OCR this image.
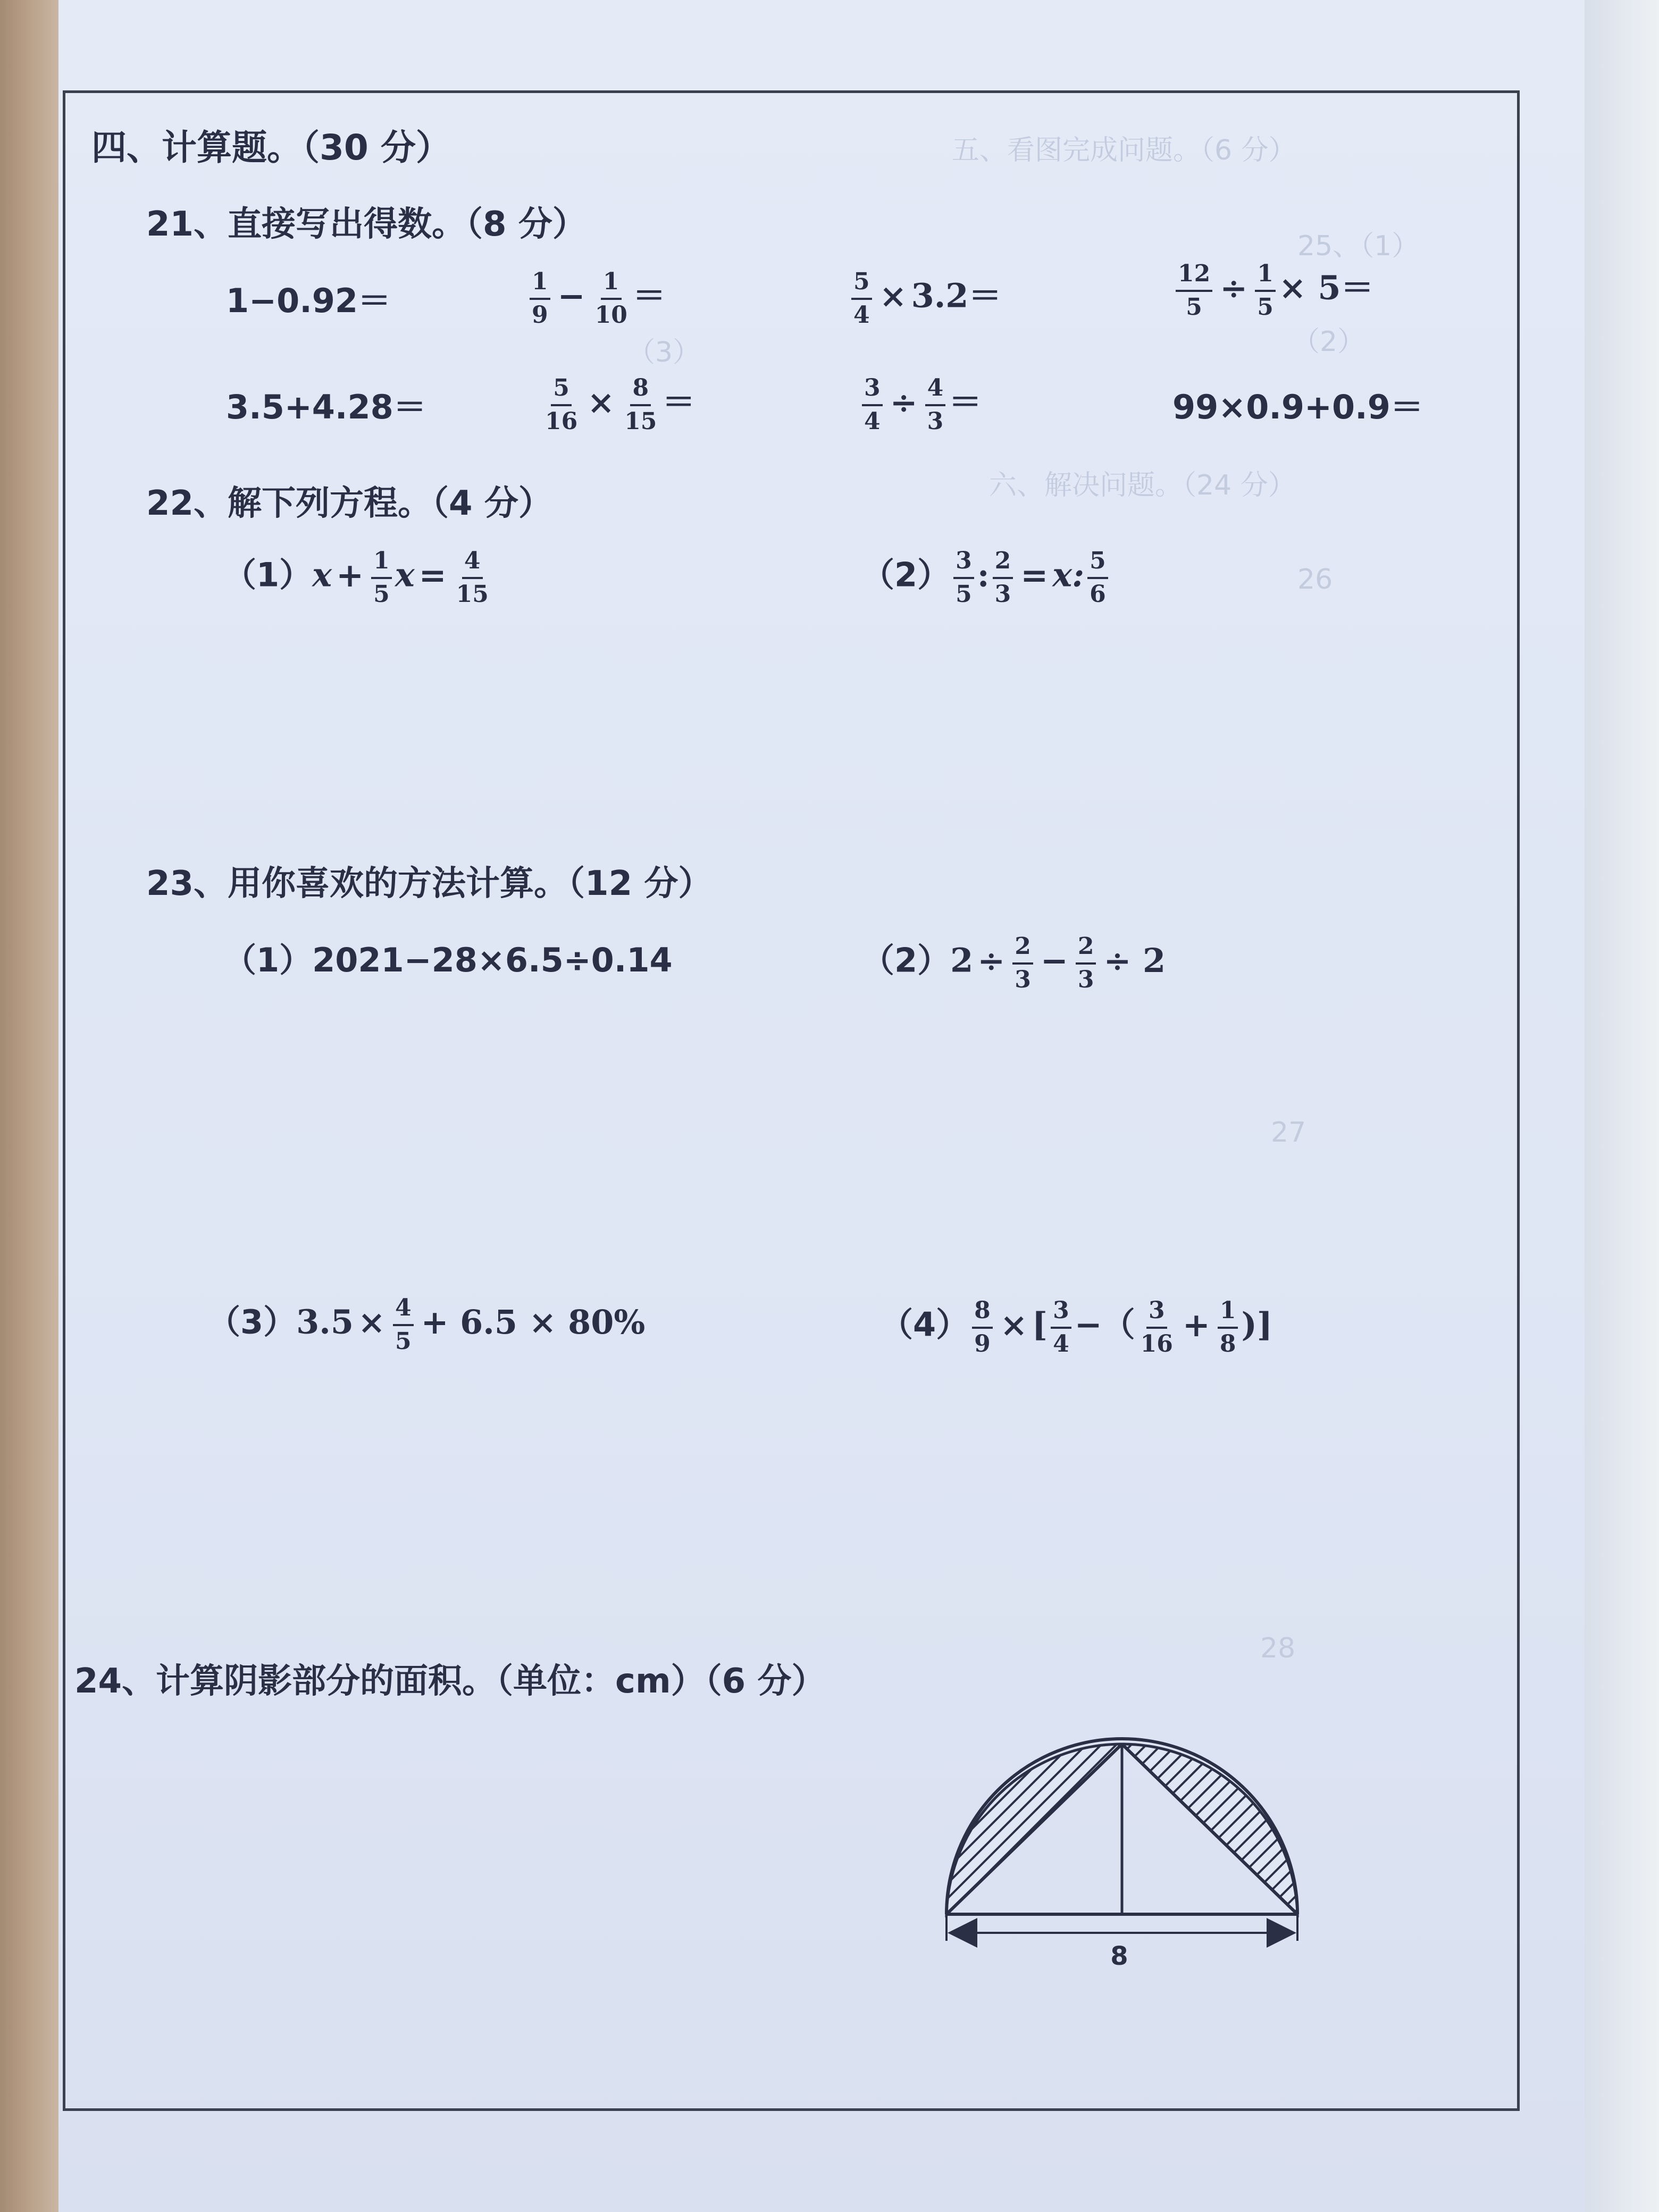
五、看图完成问题。（6 分）
25、（1）
（2）
（3）
六、解决问题。（24 分）
26
27
28
四、计算题。（30 分）
21、直接写出得数。（8 分）
1−0.92＝	$\frac{1}{9} - \frac{1}{10}$ ＝	$\frac{5}{4} \times 3.2=$	$\frac{12}{5} \div \frac{1}{5} \times 5=$
3.5+4.28＝	$\frac{5}{16} \times \frac{8}{15}$ ＝	$\frac{3}{4} \div \frac{4}{3}$ ＝	99×0.9+0.9＝
22、解下列方程。（4 分）
$(1)x + \frac{1}{5}$ $x = \frac{4}{15}$	$(2) \frac{3}{5}$ : $\frac{2}{3} = x$: $\frac{5}{6}$
23、用你喜欢的方法计算。（12 分）
（1）2021−28×6.5÷0.14	$(2)2 \div \frac{2}{3} - \frac{2}{3} \div 2$
$(3)3.5 \times \frac{4}{5} + 6.5 \times 80\%$	$(4) \frac{8}{9}$ × [ $\frac{3}{4}$ −（ $\frac{3}{16} + \frac{1}{8}$ )]
24、计算阴影部分的面积。（单位：cm）（6 分）
8
